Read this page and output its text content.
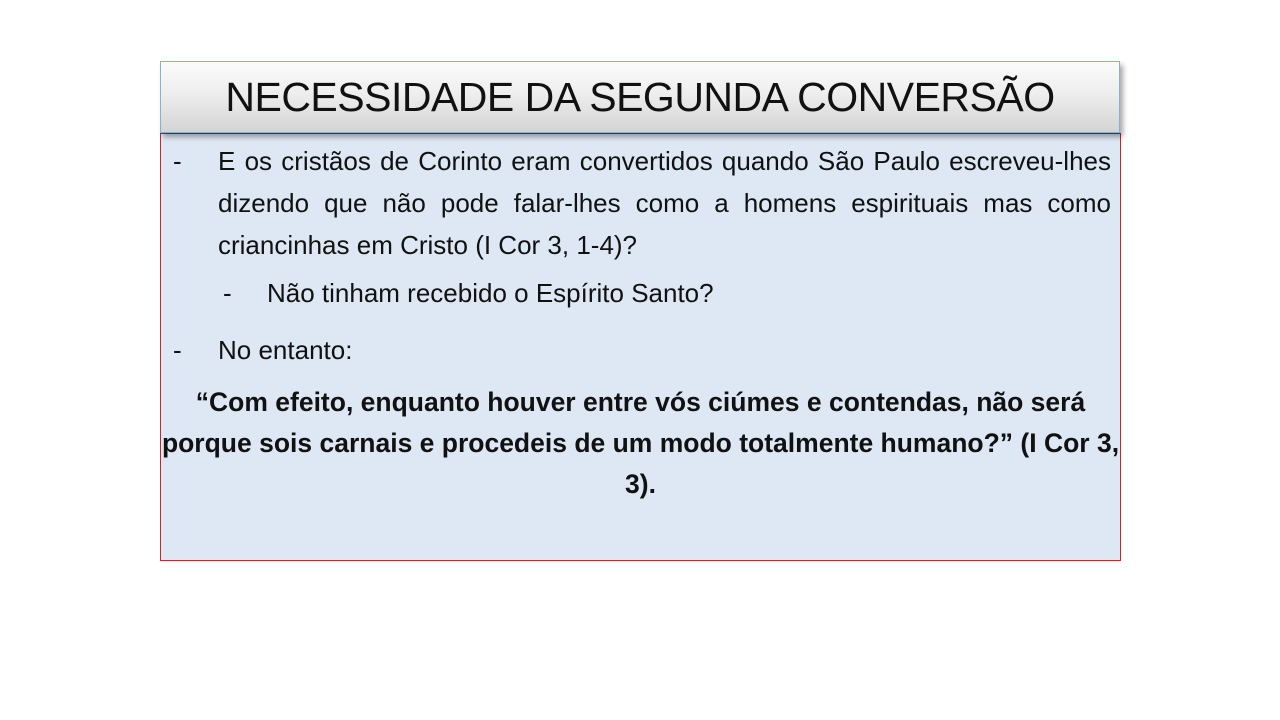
NECESSIDADE DA SEGUNDA CONVERSÃO
- E os cristãos de Corinto eram convertidos quando São Paulo escreveu-lhes dizendo que não pode falar-lhes como a homens espirituais mas como criancinhas em Cristo (I Cor 3, 1-4)?
- Não tinham recebido o Espírito Santo?
- No entanto:
“Com efeito, enquanto houver entre vós ciúmes e contendas, não será porque sois carnais e procedeis de um modo totalmente humano?” (I Cor 3, 3).
